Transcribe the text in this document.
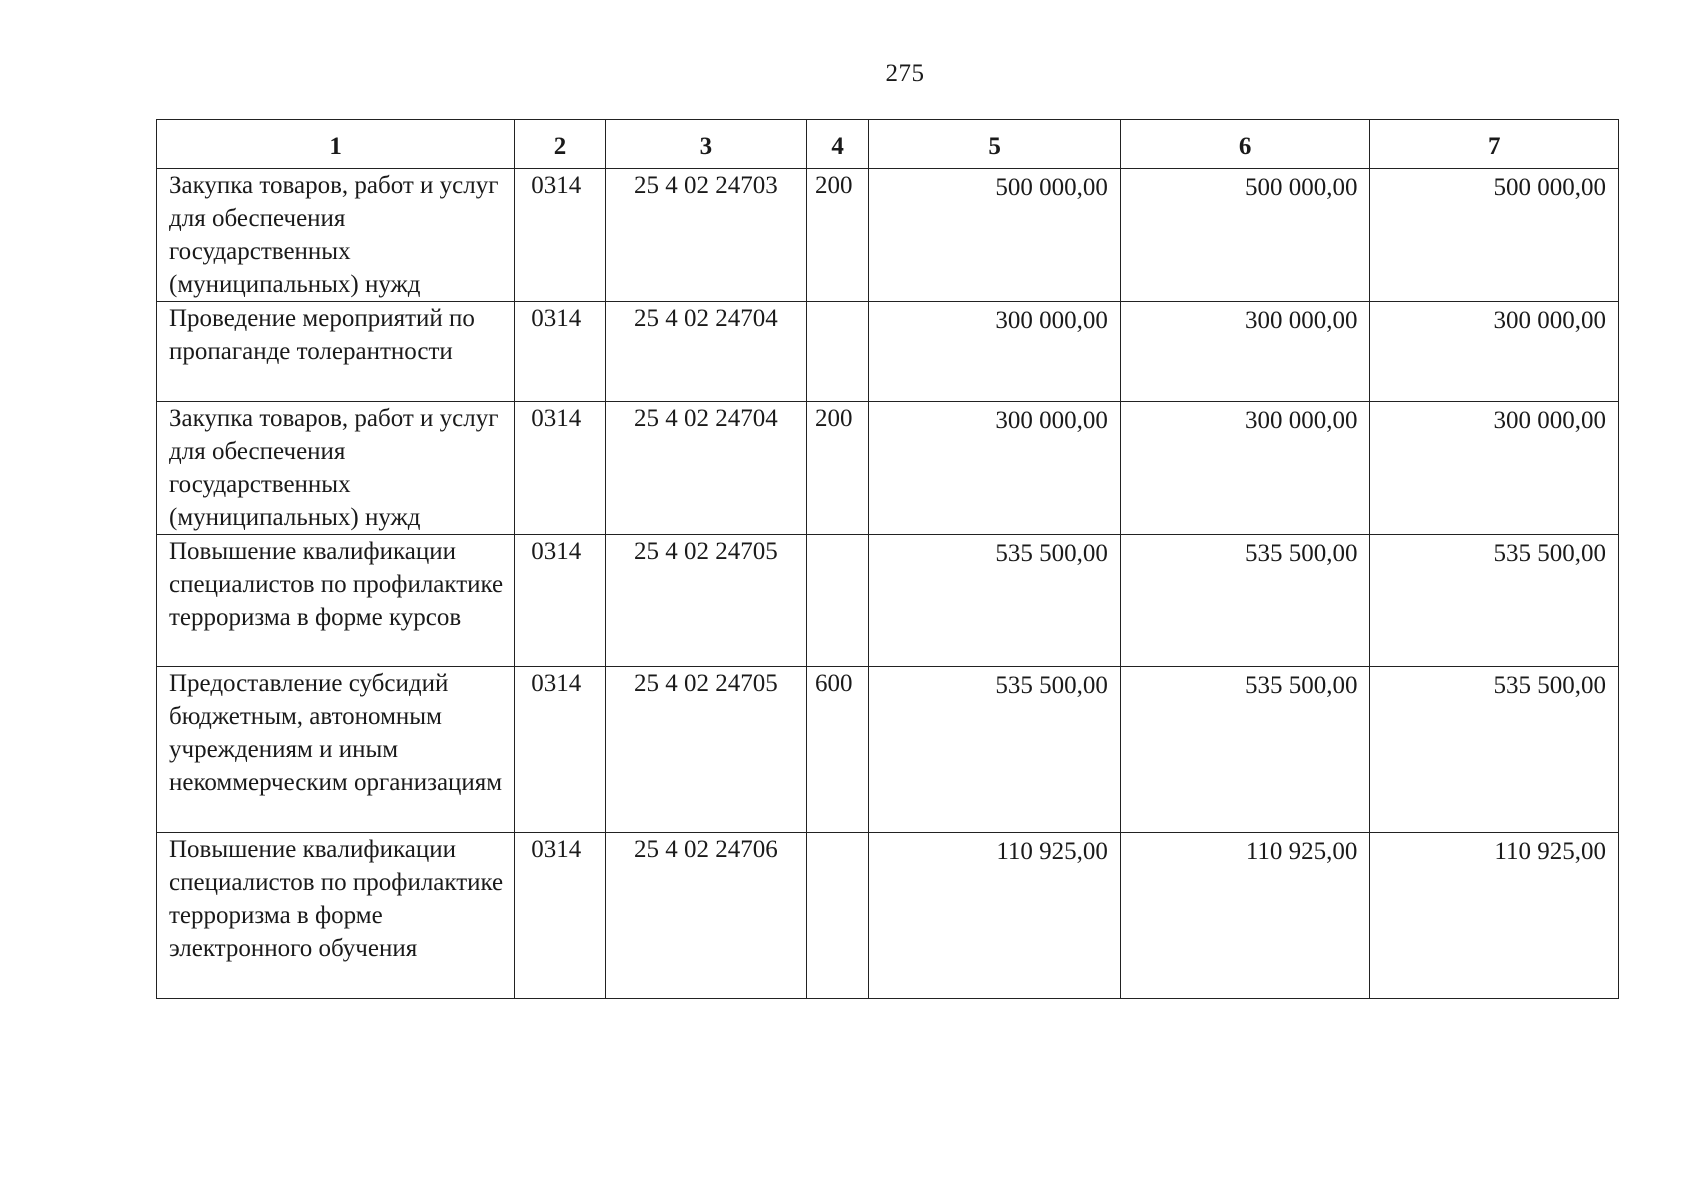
275
1	2	3	4	5	6	7
Закупка товаров, работ и услуг для обеспечения государственных (муниципальных) нужд	0314	25 4 02 24703	200	500 000,00	500 000,00	500 000,00
Проведение мероприятий по пропаганде толерантности	0314	25 4 02 24704		300 000,00	300 000,00	300 000,00
Закупка товаров, работ и услуг для обеспечения государственных (муниципальных) нужд	0314	25 4 02 24704	200	300 000,00	300 000,00	300 000,00
Повышение квалификации специалистов по профилактике терроризма в форме курсов	0314	25 4 02 24705		535 500,00	535 500,00	535 500,00
Предоставление субсидий бюджетным, автономным учреждениям и иным некоммерческим организациям	0314	25 4 02 24705	600	535 500,00	535 500,00	535 500,00
Повышение квалификации специалистов по профилактике терроризма в форме электронного обучения	0314	25 4 02 24706		110 925,00	110 925,00	110 925,00
